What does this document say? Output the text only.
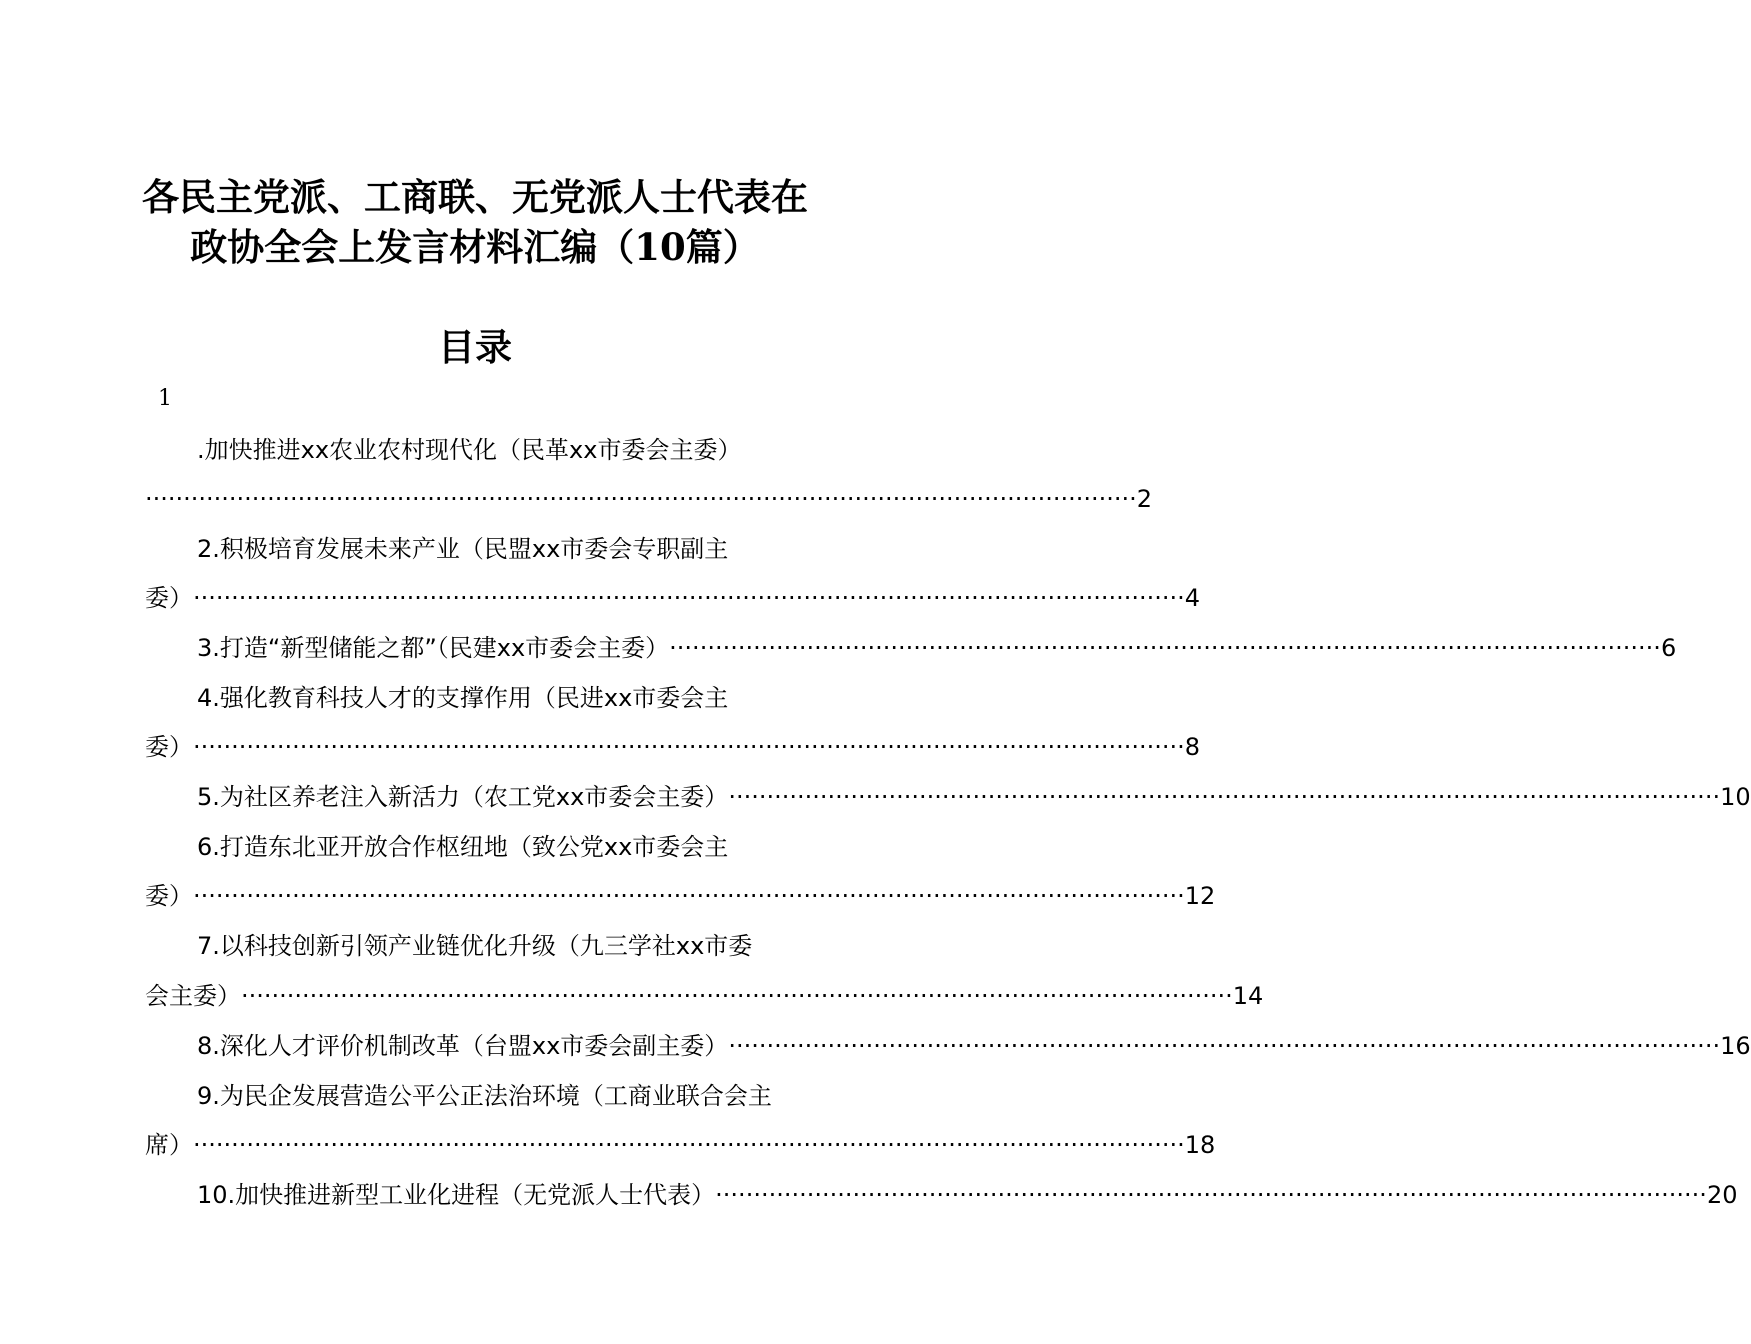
各民主党派、工商联、无党派人士代表在
政协全会上发言材料汇编（10篇）
目录
1
.加快推进xx农业农村现代化（民革xx市委会主委）
·································································································································· 2
2.积极培育发展未来产业（民盟xx市委会专职副主
委） ·································································································································· 4
3.打造“新型储能之都”（民建xx市委会主委） ·································································································································· 6
4.强化教育科技人才的支撑作用（民进xx市委会主
委） ·································································································································· 8
5.为社区养老注入新活力（农工党xx市委会主委） ·································································································································· 10
6.打造东北亚开放合作枢纽地（致公党xx市委会主
委） ·································································································································· 12
7.以科技创新引领产业链优化升级（九三学社xx市委
会主委） ·································································································································· 14
8.深化人才评价机制改革（台盟xx市委会副主委） ·································································································································· 16
9.为民企发展营造公平公正法治环境（工商业联合会主
席） ·································································································································· 18
10.加快推进新型工业化进程（无党派人士代表） ·································································································································· 20
